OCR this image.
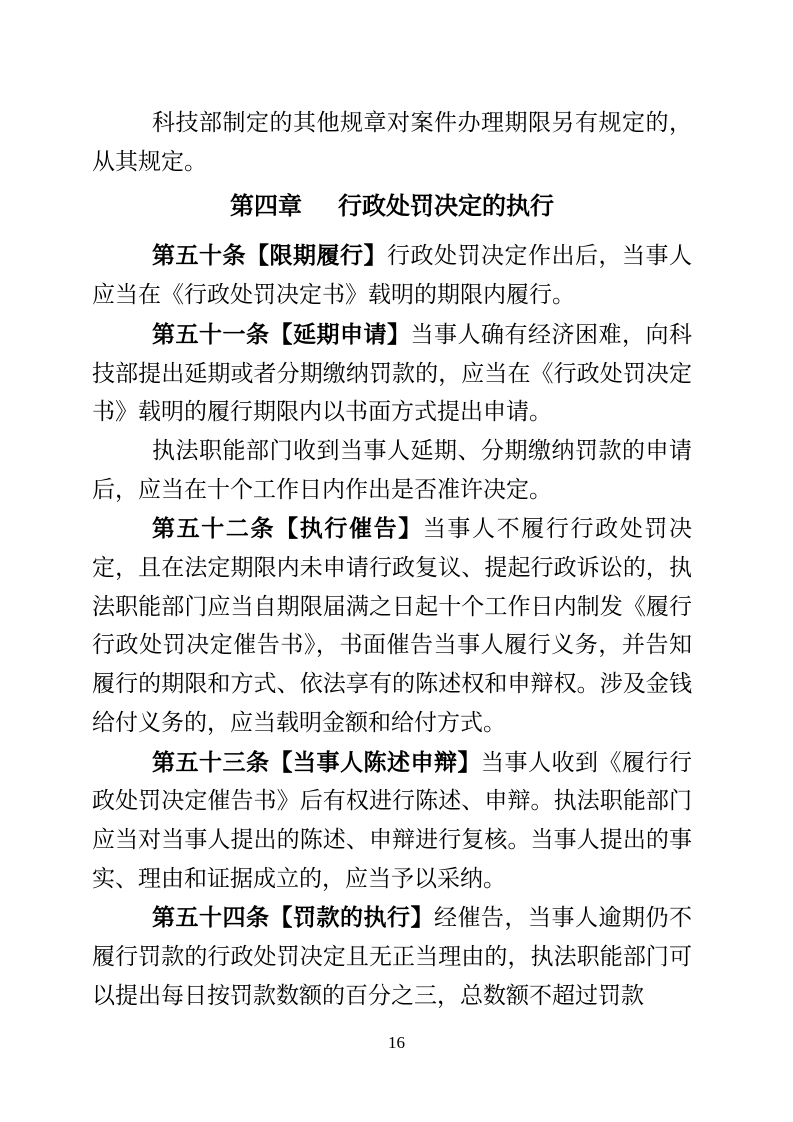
科技部制定的其他规章对案件办理期限另有规定的，从其规定。

第四章 行政处罚决定的执行

第五十条【限期履行】行政处罚决定作出后，当事人应当在《行政处罚决定书》载明的期限内履行。

第五十一条【延期申请】当事人确有经济困难，向科技部提出延期或者分期缴纳罚款的，应当在《行政处罚决定书》载明的履行期限内以书面方式提出申请。

执法职能部门收到当事人延期、分期缴纳罚款的申请后，应当在十个工作日内作出是否准许决定。

第五十二条【执行催告】当事人不履行行政处罚决定，且在法定期限内未申请行政复议、提起行政诉讼的，执法职能部门应当自期限届满之日起十个工作日内制发《履行行政处罚决定催告书》，书面催告当事人履行义务，并告知履行的期限和方式、依法享有的陈述权和申辩权。涉及金钱给付义务的，应当载明金额和给付方式。

第五十三条【当事人陈述申辩】当事人收到《履行行政处罚决定催告书》后有权进行陈述、申辩。执法职能部门应当对当事人提出的陈述、申辩进行复核。当事人提出的事实、理由和证据成立的，应当予以采纳。

第五十四条【罚款的执行】经催告，当事人逾期仍不履行罚款的行政处罚决定且无正当理由的，执法职能部门可以提出每日按罚款数额的百分之三，总数额不超过罚款

16
